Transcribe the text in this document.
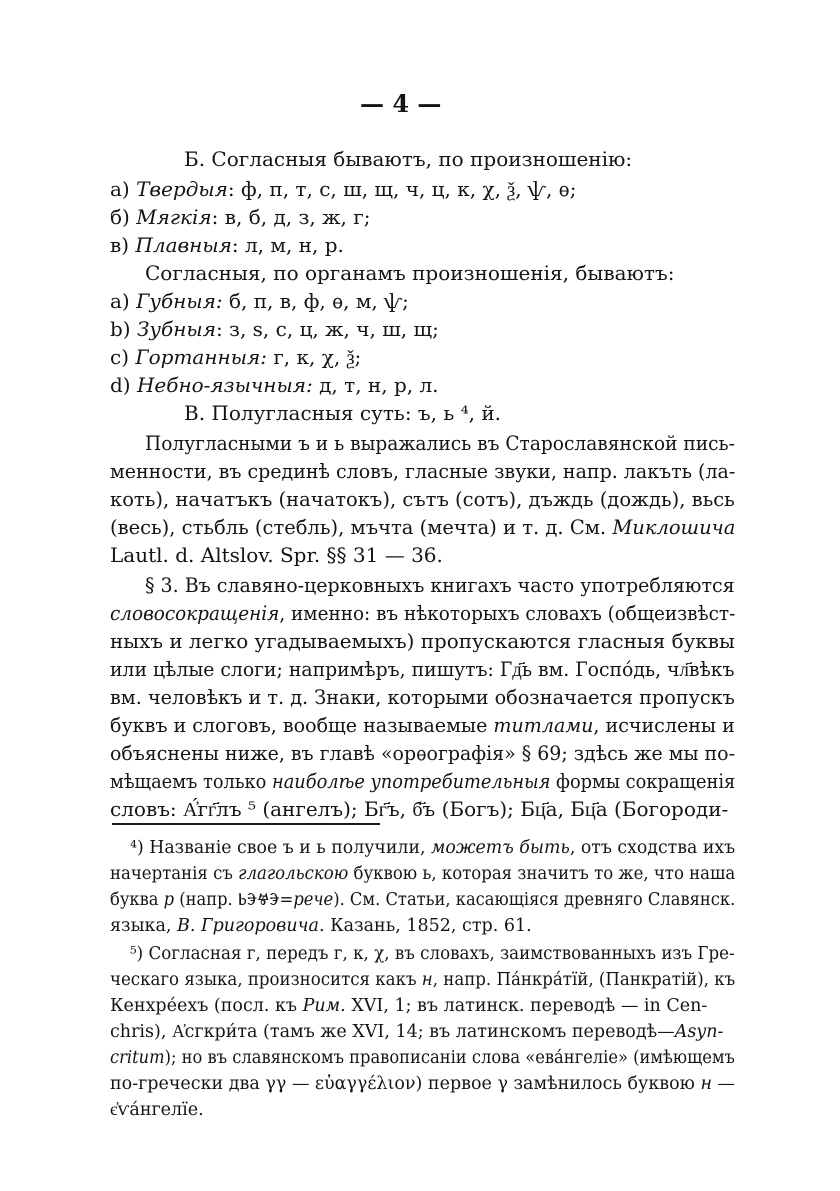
— 4 —
Б. Согласныя бываютъ, по произношенію:
а) Твердыя: ф, п, т, с, ш, щ, ч, ц, к, χ, ѯ, ѱ, ѳ;
б) Мягкія: в, б, д, з, ж, г;
в) Плавныя: л, м, н, р.
Согласныя, по органамъ произношенія, бываютъ:
а) Губныя: б, п, в, ф, ѳ, м, ѱ;
b) Зубныя: з, ѕ, с, ц, ж, ч, ш, щ;
c) Гортанныя: г, к, χ, ѯ;
d) Небно-язычныя: д, т, н, р, л.
В. Полугласныя суть: ъ, ь ⁴, й.
Полугласными ъ и ь выражались въ Старославянской пись-
менности, въ срединѣ словъ, гласные звуки, напр. лакъть (ла-
коть), начатъкъ (начатокъ), сътъ (сотъ), дъждь (дождь), вьсь
(весь), стьбль (стебль), мъчта (мечта) и т. д. См. Миклошича
Lautl. d. Altslov. Spr. §§ 31 — 36.
§ 3. Въ славяно-церковныхъ книгахъ часто употребляются
словосокращенія, именно: въ нѣкоторыхъ словахъ (общеизвѣст-
ныхъ и легко угадываемыхъ) пропускаются гласныя буквы
или цѣлые слоги; напримѣръ, пишутъ: Гд҃ь вм. Госпо́дь, чл҃вѣкъ
вм. человѣкъ и т. д. Знаки, которыми обозначается пропускъ
буквъ и слоговъ, вообще называемые титлами, исчислены и
объяснены ниже, въ главѣ «орѳографія» § 69; здѣсь же мы по-
мѣщаемъ только наиболѣе употребительныя формы сокращенія
словъ: А҆́гг҃лъ ⁵ (ангелъ); Бг҃ъ, б҃ъ (Богъ); Бц҃а, Бц҃а (Богороди-
⁴) Названіе свое ъ и ь получили, можетъ быть, отъ сходства ихъ
начертанія съ глагольскою буквою ь, которая значитъ то же, что наша
буква р (напр. ⰓⰅⰝⰅ=рече). См. Статьи, касающіяся древняго Славянск.
языка, В. Григоровича. Казань, 1852, стр. 61.
⁵) Согласная г, передъ г, к, χ, въ словахъ, заимствованныхъ изъ Гре-
ческаго языка, произносится какъ н, напр. Па́нкра́тїй, (Панкратій), къ
Кенхре́ехъ (посл. къ Рим. XVI, 1; въ латинск. переводѣ — in Cen-
chris), А҆сгкри́та (тамъ же XVI, 14; въ латинскомъ переводѣ—Asyn-
critum); но въ славянскомъ правописаніи слова «ева́нгеліе» (имѣющемъ
по-гречески два γγ — εὐαγγέλιον) первое γ замѣнилось буквою н —
є҆ѵа́нгелїе.
